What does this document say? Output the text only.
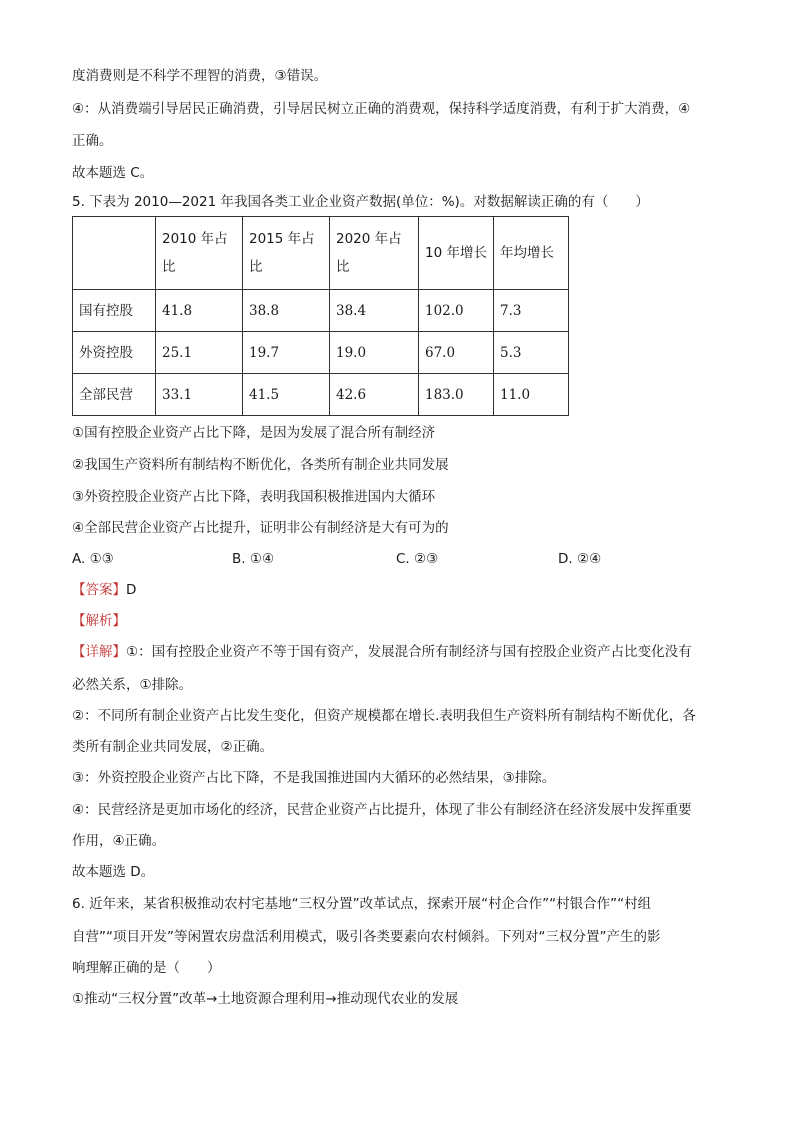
度消费则是不科学不理智的消费，③错误。
④：从消费端引导居民正确消费，引导居民树立正确的消费观，保持科学适度消费，有利于扩大消费，④
正确。
故本题选 C。
5. 下表为 2010—2021 年我国各类工业企业资产数据(单位：%)。对数据解读正确的有（　　）
	2010 年占比	2015 年占比	2020 年占比	10 年增长	年均增长
国有控股	41.8	38.8	38.4	102.0	7.3
外资控股	25.1	19.7	19.0	67.0	5.3
全部民营	33.1	41.5	42.6	183.0	11.0
①国有控股企业资产占比下降，是因为发展了混合所有制经济
②我国生产资料所有制结构不断优化，各类所有制企业共同发展
③外资控股企业资产占比下降，表明我国积极推进国内大循环
④全部民营企业资产占比提升，证明非公有制经济是大有可为的
A. ①③	B. ①④	C. ②③	D. ②④
【答案】D
【解析】
【详解】①：国有控股企业资产不等于国有资产，发展混合所有制经济与国有控股企业资产占比变化没有
必然关系，①排除。
②：不同所有制企业资产占比发生变化，但资产规模都在增长.表明我但生产资料所有制结构不断优化，各
类所有制企业共同发展，②正确。
③：外资控股企业资产占比下降，不是我国推进国内大循环的必然结果，③排除。
④：民营经济是更加市场化的经济，民营企业资产占比提升，体现了非公有制经济在经济发展中发挥重要
作用，④正确。
故本题选 D。
6. 近年来，某省积极推动农村宅基地“三权分置”改革试点，探索开展“村企合作”“村银合作”“村组
自营”“项目开发”等闲置农房盘活利用模式，吸引各类要素向农村倾斜。下列对“三权分置”产生的影
响理解正确的是（　　）
①推动“三权分置”改革→土地资源合理利用→推动现代农业的发展
